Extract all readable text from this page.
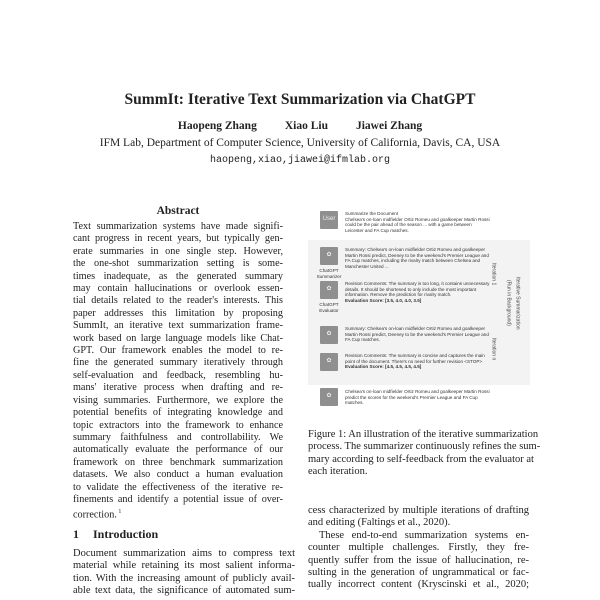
SummIt: Iterative Text Summarization via ChatGPT
Haopeng Zhang Xiao Liu Jiawei Zhang
IFM Lab, Department of Computer Science, University of California, Davis, CA, USA
haopeng,xiao,jiawei@ifmlab.org
Abstract
Text summarization systems have made signifi-
cant progress in recent years, but typically gen-
erate summaries in one single step. However,
the one-shot summarization setting is some-
times inadequate, as the generated summary
may contain hallucinations or overlook essen-
tial details related to the reader's interests. This
paper addresses this limitation by proposing
SummIt, an iterative text summarization frame-
work based on large language models like Chat-
GPT. Our framework enables the model to re-
fine the generated summary iteratively through
self-evaluation and feedback, resembling hu-
mans' iterative process when drafting and re-
vising summaries. Furthermore, we explore the
potential benefits of integrating knowledge and
topic extractors into the framework to enhance
summary faithfulness and controllability. We
automatically evaluate the performance of our
framework on three benchmark summarization
datasets. We also conduct a human evaluation
to validate the effectiveness of the iterative re-
finements and identify a potential issue of over-
correction. $^1$
1 Introduction
Document summarization aims to compress text
material while retaining its most salient informa-
tion. With the increasing amount of publicly avail-
able text data, the significance of automated sum-
User
Summarize the Document
Chelsea's on-loan midfielder Ortiz Romeu and goalkeeper Martin Rossi could be the pair ahead of the season ... with a game between Leicester and FA Cup matches.
✿
ChatGPT Summarizer
Summary: Chelsea's on-loan midfielder Ortiz Romeu and goalkeeper Martin Rossi predict, Deeney to be the weekend's Premier League and FA Cup matches, including the rivalry match between Chelsea and Manchester United ...
✿
ChatGPT Evaluator
Revision Comments: The summary is too long, it contains unnecessary details. It should be shortened to only include the most important information. Remove the prediction for rivalry match.
Evaluation Score: [3.5, 4.0, 4.0, 3.5]
✿
Summary: Chelsea's on-loan midfielder Ortiz Romeu and goalkeeper Martin Rossi predict, Deeney to be the weekend's Premier League and FA Cup matches.
✿
Revision Comments: The summary is concise and captures the main point of the document. There's no need for further revision <STOP>
Evaluation Score: [4.5, 4.5, 4.5, 4.5]
Iteration 1
Iteration n
Iterative Summarization
(Run in Background)
✿
Chelsea's on-loan midfielder Ortiz Romeu and goalkeeper Martin Rossi predict the scores for the weekend's Premier League and FA Cup matches.
Figure 1: An illustration of the iterative summarization
process. The summarizer continuously refines the sum-
mary according to self-feedback from the evaluator at
each iteration.
cess characterized by multiple iterations of drafting
and editing (Faltings et al., 2020).
These end-to-end summarization systems en-
counter multiple challenges. Firstly, they fre-
quently suffer from the issue of hallucination, re-
sulting in the generation of ungrammatical or fac-
tually incorrect content (Kryscinski et al., 2020;
